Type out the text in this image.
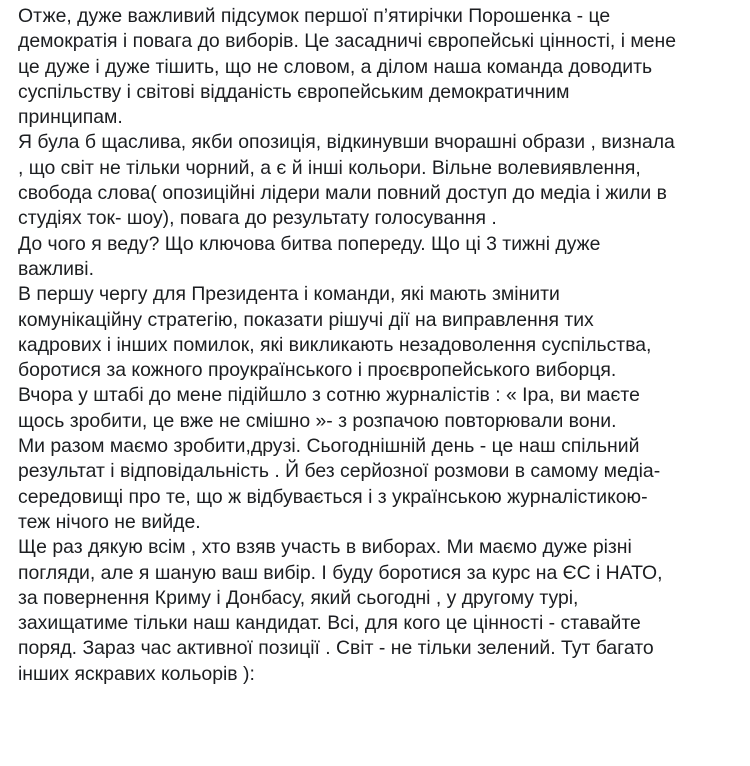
Отже, дуже важливий підсумок першої п’ятирічки Порошенка - це
демократія і повага до виборів. Це засадничі європейські цінності, і мене
це дуже і дуже тішить, що не словом, а ділом наша команда доводить
суспільству і світові відданість європейським демократичним
принципам.
Я була б щаслива, якби опозиція, відкинувши вчорашні образи , визнала
, що світ не тільки чорний, а є й інші кольори. Вільне волевиявлення,
свобода слова( опозиційні лідери мали повний доступ до медіа і жили в
студіях ток- шоу), повага до результату голосування .
До чого я веду? Що ключова битва попереду. Що ці 3 тижні дуже
важливі.
В першу чергу для Президента і команди, які мають змінити
комунікаційну стратегію, показати рішучі дії на виправлення тих
кадрових і інших помилок, які викликають незадоволення суспільства,
боротися за кожного проукраїнського і проєвропейського виборця.
Вчора у штабі до мене підійшло з сотню журналістів : « Іра, ви маєте
щось зробити, це вже не смішно »- з розпачою повторювали вони.
Ми разом маємо зробити,друзі. Сьогоднішній день - це наш спільний
результат і відповідальність . Й без серйозної розмови в самому медіа-
середовищі про те, що ж відбувається і з українською журналістикою-
теж нічого не вийде.
Ще раз дякую всім , хто взяв участь в виборах. Ми маємо дуже різні
погляди, але я шаную ваш вибір. І буду боротися за курс на ЄС і НАТО,
за повернення Криму і Донбасу, який сьогодні , у другому турі,
захищатиме тільки наш кандидат. Всі, для кого це цінності - ставайте
поряд. Зараз час активної позиції . Світ - не тільки зелений. Тут багато
інших яскравих кольорів ):
